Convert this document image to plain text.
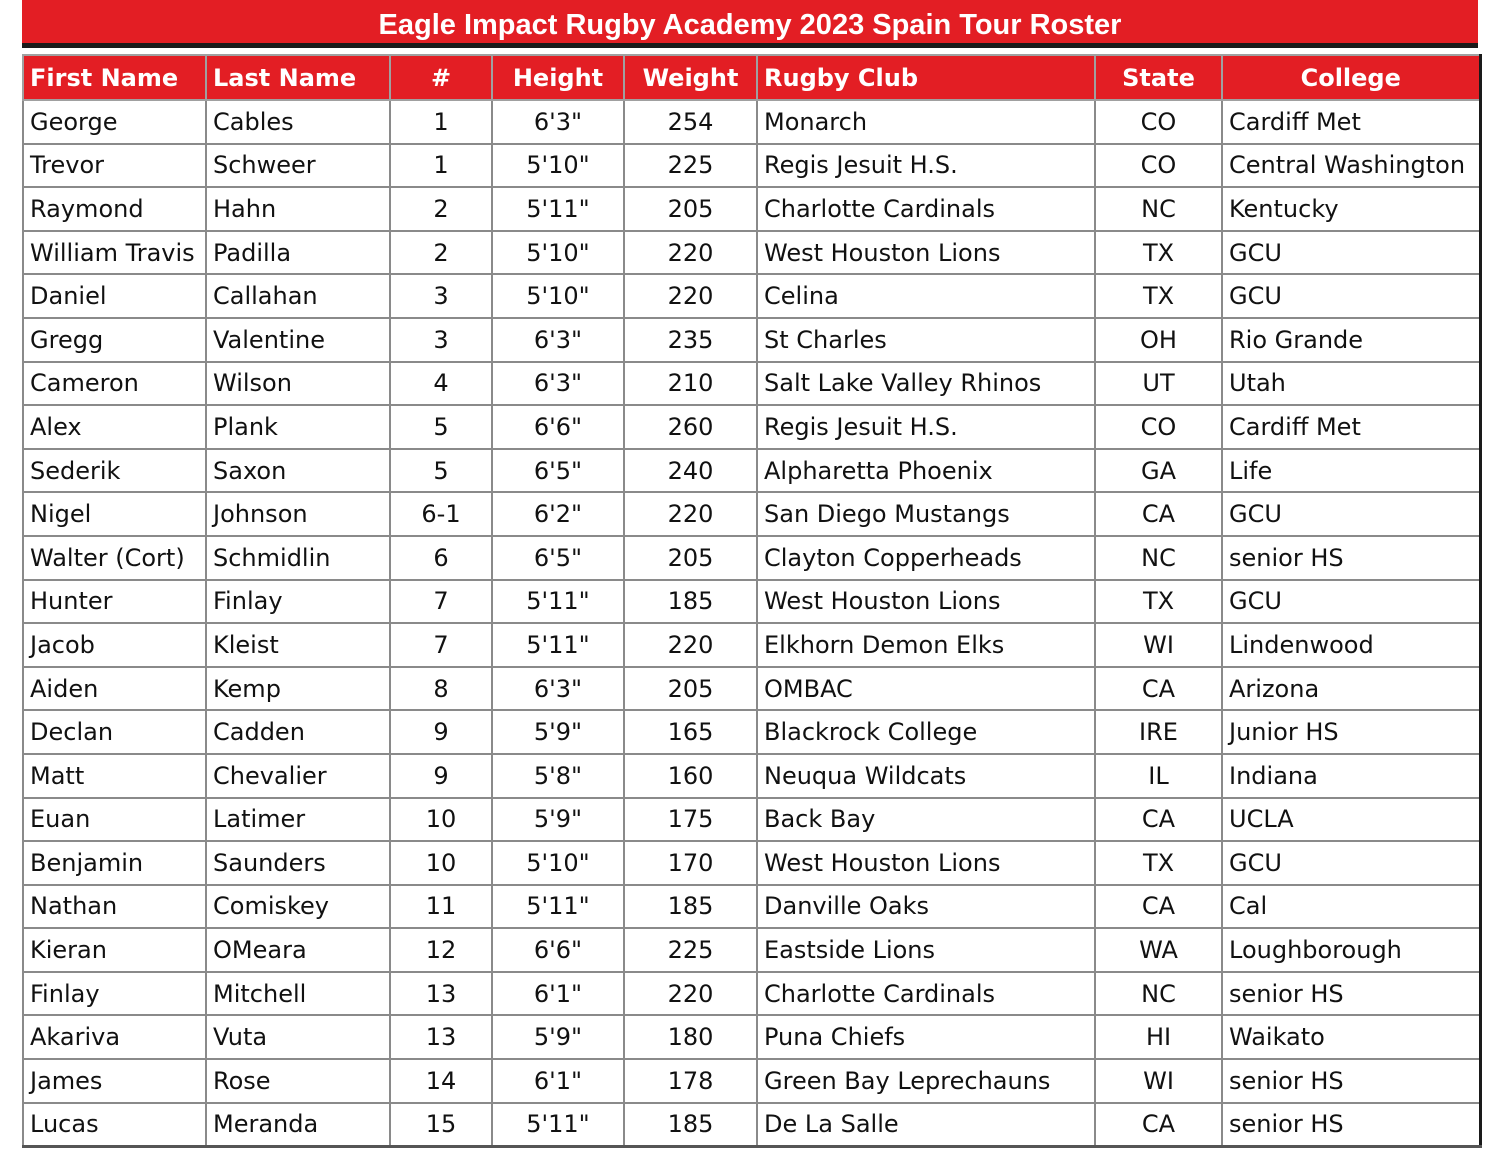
Eagle Impact Rugby Academy 2023 Spain Tour Roster
First Name	Last Name	#	Height	Weight	Rugby Club	State	College
George	Cables	1	6'3"	254	Monarch	CO	Cardiff Met
Trevor	Schweer	1	5'10"	225	Regis Jesuit H.S.	CO	Central Washington
Raymond	Hahn	2	5'11"	205	Charlotte Cardinals	NC	Kentucky
William Travis	Padilla	2	5'10"	220	West Houston Lions	TX	GCU
Daniel	Callahan	3	5'10"	220	Celina	TX	GCU
Gregg	Valentine	3	6'3"	235	St Charles	OH	Rio Grande
Cameron	Wilson	4	6'3"	210	Salt Lake Valley Rhinos	UT	Utah
Alex	Plank	5	6'6"	260	Regis Jesuit H.S.	CO	Cardiff Met
Sederik	Saxon	5	6'5"	240	Alpharetta Phoenix	GA	Life
Nigel	Johnson	6-1	6'2"	220	San Diego Mustangs	CA	GCU
Walter (Cort)	Schmidlin	6	6'5"	205	Clayton Copperheads	NC	senior HS
Hunter	Finlay	7	5'11"	185	West Houston Lions	TX	GCU
Jacob	Kleist	7	5'11"	220	Elkhorn Demon Elks	WI	Lindenwood
Aiden	Kemp	8	6'3"	205	OMBAC	CA	Arizona
Declan	Cadden	9	5'9"	165	Blackrock College	IRE	Junior HS
Matt	Chevalier	9	5'8"	160	Neuqua Wildcats	IL	Indiana
Euan	Latimer	10	5'9"	175	Back Bay	CA	UCLA
Benjamin	Saunders	10	5'10"	170	West Houston Lions	TX	GCU
Nathan	Comiskey	11	5'11"	185	Danville Oaks	CA	Cal
Kieran	OMeara	12	6'6"	225	Eastside Lions	WA	Loughborough
Finlay	Mitchell	13	6'1"	220	Charlotte Cardinals	NC	senior HS
Akariva	Vuta	13	5'9"	180	Puna Chiefs	HI	Waikato
James	Rose	14	6'1"	178	Green Bay Leprechauns	WI	senior HS
Lucas	Meranda	15	5'11"	185	De La Salle	CA	senior HS
